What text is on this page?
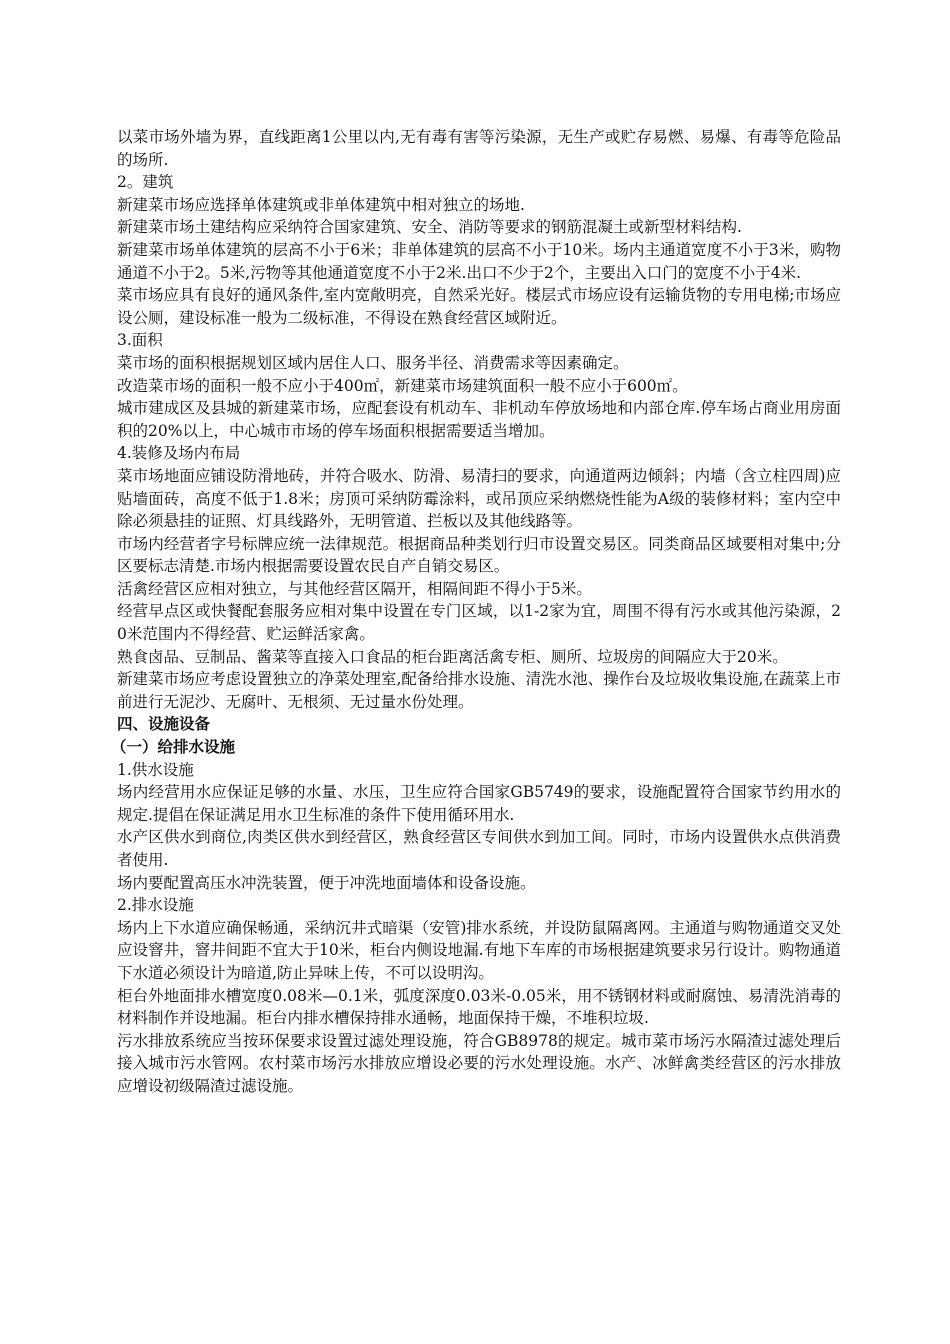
以菜市场外墙为界，直线距离1公里以内,无有毒有害等污染源，无生产或贮存易燃、易爆、有毒等危险品的场所.

2。建筑

新建菜市场应选择单体建筑或非单体建筑中相对独立的场地.

新建菜市场土建结构应采纳符合国家建筑、安全、消防等要求的钢筋混凝土或新型材料结构.

新建菜市场单体建筑的层高不小于6米；非单体建筑的层高不小于10米。场内主通道宽度不小于3米，购物通道不小于2。5米,污物等其他通道宽度不小于2米.出口不少于2个，主要出入口门的宽度不小于4米.

菜市场应具有良好的通风条件,室内宽敞明亮，自然采光好。楼层式市场应设有运输货物的专用电梯;市场应设公厕，建设标准一般为二级标准，不得设在熟食经营区域附近。

3.面积

菜市场的面积根据规划区域内居住人口、服务半径、消费需求等因素确定。

改造菜市场的面积一般不应小于400㎡，新建菜市场建筑面积一般不应小于600㎡。

城市建成区及县城的新建菜市场，应配套设有机动车、非机动车停放场地和内部仓库.停车场占商业用房面积的20%以上，中心城市市场的停车场面积根据需要适当增加。

4.装修及场内布局

菜市场地面应铺设防滑地砖，并符合吸水、防滑、易清扫的要求，向通道两边倾斜；内墙（含立柱四周)应贴墙面砖，高度不低于1.8米；房顶可采纳防霉涂料，或吊顶应采纳燃烧性能为A级的装修材料；室内空中除必须悬挂的证照、灯具线路外，无明管道、拦板以及其他线路等。

市场内经营者字号标牌应统一法律规范。根据商品种类划行归市设置交易区。同类商品区域要相对集中;分区要标志清楚.市场内根据需要设置农民自产自销交易区。

活禽经营区应相对独立，与其他经营区隔开，相隔间距不得小于5米。

经营早点区或快餐配套服务应相对集中设置在专门区域，以1-2家为宜，周围不得有污水或其他污染源，20米范围内不得经营、贮运鲜活家禽。

熟食卤品、豆制品、酱菜等直接入口食品的柜台距离活禽专柜、厕所、垃圾房的间隔应大于20米。

新建菜市场应考虑设置独立的净菜处理室,配备给排水设施、清洗水池、操作台及垃圾收集设施,在蔬菜上市前进行无泥沙、无腐叶、无根须、无过量水份处理。

四、设施设备
（一）给排水设施

1.供水设施

场内经营用水应保证足够的水量、水压，卫生应符合国家GB5749的要求，设施配置符合国家节约用水的规定.提倡在保证满足用水卫生标准的条件下使用循环用水.

水产区供水到商位,肉类区供水到经营区，熟食经营区专间供水到加工间。同时，市场内设置供水点供消费者使用.

场内要配置高压水冲洗装置，便于冲洗地面墙体和设备设施。

2.排水设施

场内上下水道应确保畅通，采纳沉井式暗渠（安管)排水系统，并设防鼠隔离网。主通道与购物通道交叉处应设窨井，窨井间距不宜大于10米，柜台内侧设地漏.有地下车库的市场根据建筑要求另行设计。购物通道下水道必须设计为暗道,防止异味上传，不可以设明沟。

柜台外地面排水槽宽度0.08米—0.1米，弧度深度0.03米-0.05米，用不锈钢材料或耐腐蚀、易清洗消毒的材料制作并设地漏。柜台内排水槽保持排水通畅，地面保持干燥，不堆积垃圾.

污水排放系统应当按环保要求设置过滤处理设施，符合GB8978的规定。城市菜市场污水隔渣过滤处理后接入城市污水管网。农村菜市场污水排放应增设必要的污水处理设施。水产、冰鲜禽类经营区的污水排放应增设初级隔渣过滤设施。
